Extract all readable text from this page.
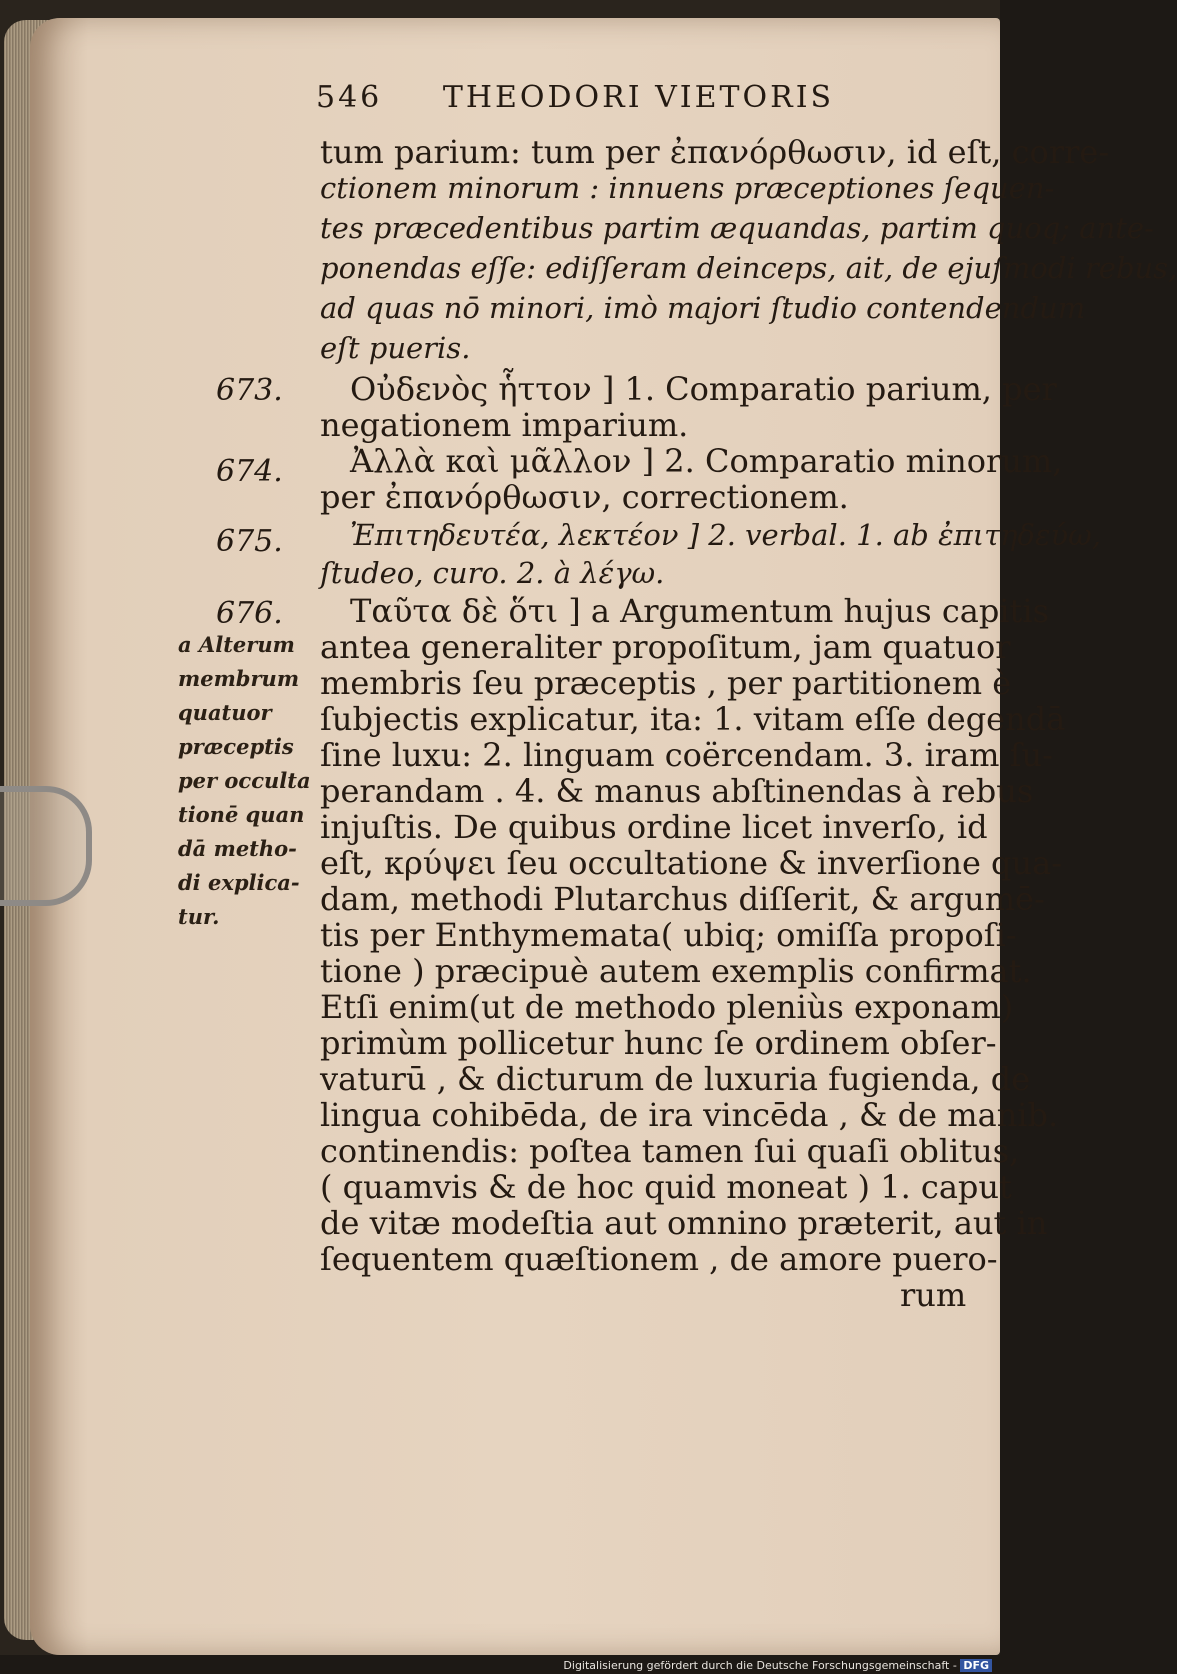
546 THEODORI VIETORIS
673.
674.
675.
676.
a Alterum
membrum
quatuor
præceptis
per occulta
tionē quan
dā metho-
di explica-
tur.
tum parium: tum per ἐπανόρθωσιν, id eſt, corre-
ctionem minorum : innuens præceptiones ſequen-
tes præcedentibus partim æquandas, partim quoq; ante-
ponendas eſſe: ediſſeram deinceps, ait, de ejuſmodi rebus,
ad quas nō minori, imò majori ſtudio contendendum
eſt pueris.
Οὐδενὸς ἧττον ] 1. Comparatio parium, per
negationem imparium.
Ἀλλὰ καὶ μᾶλλον ] 2. Comparatio minorum,
per ἐπανόρθωσιν, correctionem.
Ἐπιτηδευτέα, λεκτέον ] 2. verbal. 1. ab ἐπιτηδεύω,
ſtudeo, curo. 2. à λέγω.
Ταῦτα δὲ ὅτι ] a Argumentum hujus capitis
antea generaliter propoſitum, jam quatuor
membris ſeu præceptis , per partitionem è
ſubjectis explicatur, ita: 1. vitam eſſe degendā
ſine luxu: 2. linguam coërcendam. 3. iram ſu-
perandam . 4. & manus abſtinendas à rebus
injuſtis. De quibus ordine licet inverſo, id
eſt, κρύψει ſeu occultatione & inverſione qua-
dam, methodi Plutarchus diſſerit, & argumē-
tis per Enthymemata( ubiq; omiſſa propoſi-
tione ) præcipuè autem exemplis confirmat.
Etſi enim(ut de methodo pleniùs exponam)
primùm pollicetur hunc ſe ordinem obſer-
vaturū , & dicturum de luxuria fugienda, de
lingua cohibēda, de ira vincēda , & de manib.
continendis: poſtea tamen ſui quaſi oblitus,
( quamvis & de hoc quid moneat ) 1. caput
de vitæ modeſtia aut omnino præterit, aut in
ſequentem quæſtionem , de amore puero-
rum
Digitalisierung gefördert durch die Deutsche Forschungsgemeinschaft - DFG
